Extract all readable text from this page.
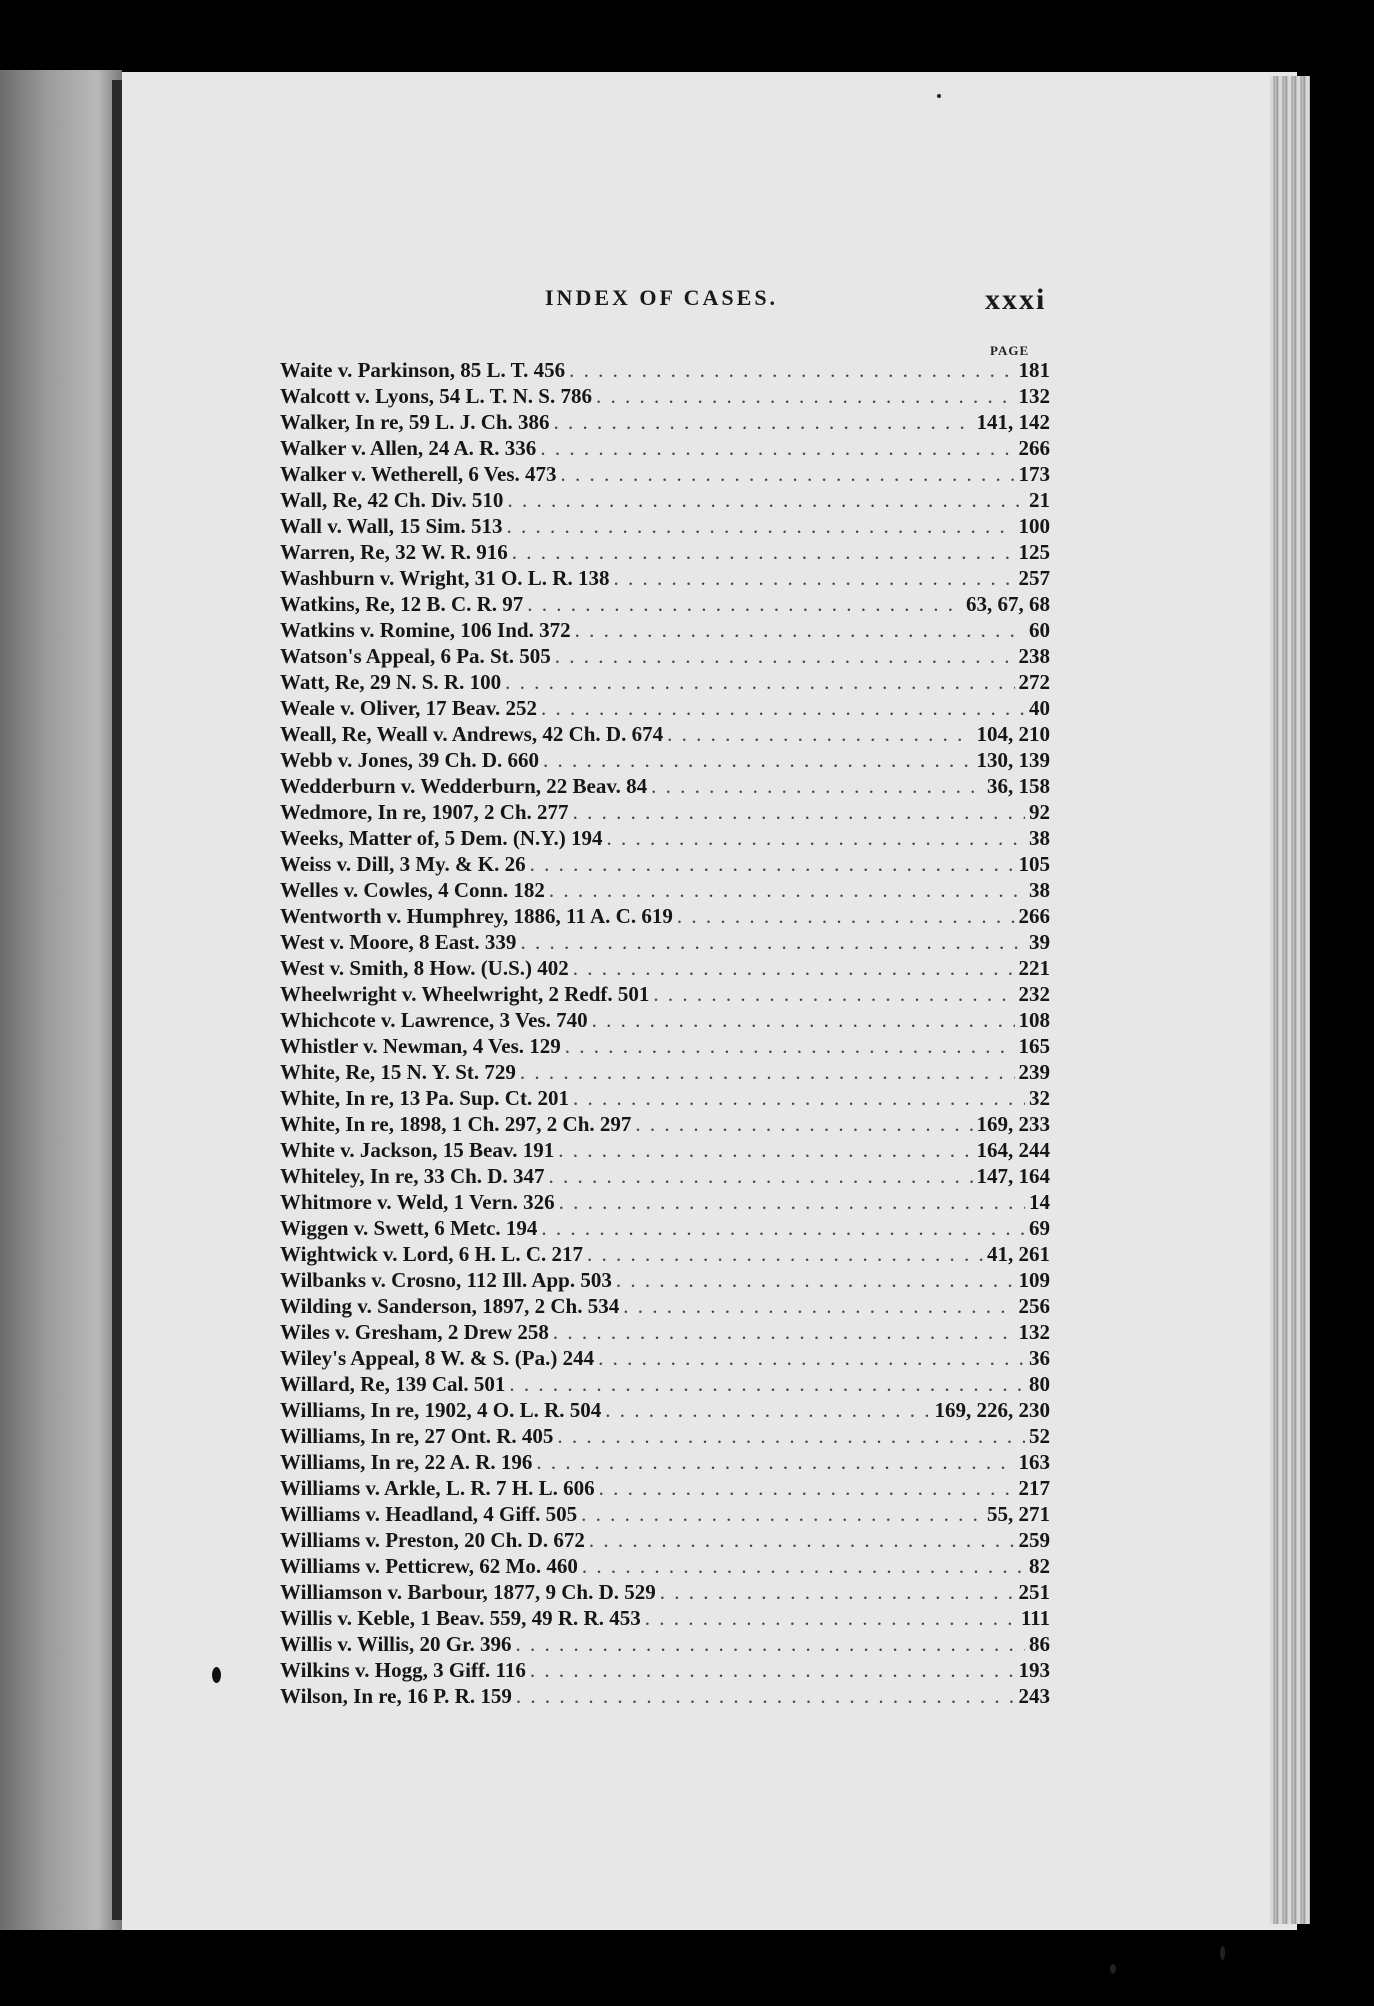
INDEX OF CASES.	xxxi
PAGE
Waite v. Parkinson, 85 L. T. 456 . . .	181
Walcott v. Lyons, 54 L. T. N. S. 786 . . .	132
Walker, In re, 59 L. J. Ch. 386 . . .	141, 142
Walker v. Allen, 24 A. R. 336 . . .	266
Walker v. Wetherell, 6 Ves. 473 . . .	173
Wall, Re, 42 Ch. Div. 510 . . .	21
Wall v. Wall, 15 Sim. 513 . . .	100
Warren, Re, 32 W. R. 916 . . .	125
Washburn v. Wright, 31 O. L. R. 138 . . .	257
Watkins, Re, 12 B. C. R. 97 . . .	63, 67, 68
Watkins v. Romine, 106 Ind. 372 . . .	60
Watson's Appeal, 6 Pa. St. 505 . . .	238
Watt, Re, 29 N. S. R. 100 . . .	272
Weale v. Oliver, 17 Beav. 252 . . .	40
Weall, Re, Weall v. Andrews, 42 Ch. D. 674 . . .	104, 210
Webb v. Jones, 39 Ch. D. 660 . . .	130, 139
Wedderburn v. Wedderburn, 22 Beav. 84 . . .	36, 158
Wedmore, In re, 1907, 2 Ch. 277 . . .	92
Weeks, Matter of, 5 Dem. (N.Y.) 194 . . .	38
Weiss v. Dill, 3 My. & K. 26 . . .	105
Welles v. Cowles, 4 Conn. 182 . . .	38
Wentworth v. Humphrey, 1886, 11 A. C. 619 . . .	266
West v. Moore, 8 East. 339 . . .	39
West v. Smith, 8 How. (U.S.) 402 . . .	221
Wheelwright v. Wheelwright, 2 Redf. 501 . . .	232
Whichcote v. Lawrence, 3 Ves. 740 . . .	108
Whistler v. Newman, 4 Ves. 129 . . .	165
White, Re, 15 N. Y. St. 729 . . .	239
White, In re, 13 Pa. Sup. Ct. 201 . . .	32
White, In re, 1898, 1 Ch. 297, 2 Ch. 297 . . .	169, 233
White v. Jackson, 15 Beav. 191 . . .	164, 244
Whiteley, In re, 33 Ch. D. 347 . . .	147, 164
Whitmore v. Weld, 1 Vern. 326 . . .	14
Wiggen v. Swett, 6 Metc. 194 . . .	69
Wightwick v. Lord, 6 H. L. C. 217 . . .	41, 261
Wilbanks v. Crosno, 112 Ill. App. 503 . . .	109
Wilding v. Sanderson, 1897, 2 Ch. 534 . . .	256
Wiles v. Gresham, 2 Drew 258 . . .	132
Wiley's Appeal, 8 W. & S. (Pa.) 244 . . .	36
Willard, Re, 139 Cal. 501 . . .	80
Williams, In re, 1902, 4 O. L. R. 504 . . .	169, 226, 230
Williams, In re, 27 Ont. R. 405 . . .	52
Williams, In re, 22 A. R. 196 . . .	163
Williams v. Arkle, L. R. 7 H. L. 606 . . .	217
Williams v. Headland, 4 Giff. 505 . . .	55, 271
Williams v. Preston, 20 Ch. D. 672 . . .	259
Williams v. Petticrew, 62 Mo. 460 . . .	82
Williamson v. Barbour, 1877, 9 Ch. D. 529 . . .	251
Willis v. Keble, 1 Beav. 559, 49 R. R. 453 . . .	111
Willis v. Willis, 20 Gr. 396 . . .	86
Wilkins v. Hogg, 3 Giff. 116 . . .	193
Wilson, In re, 16 P. R. 159 . . .	243
